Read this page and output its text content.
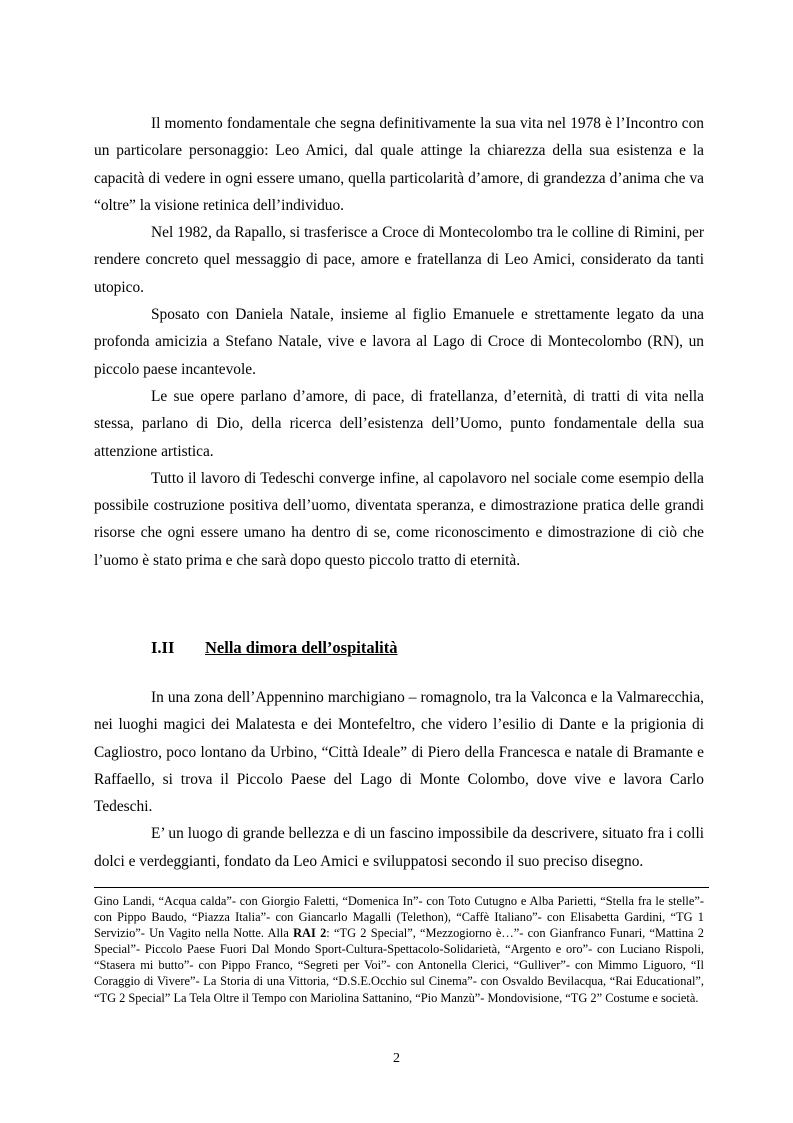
Il momento fondamentale che segna definitivamente la sua vita nel 1978 è l’Incontro con un particolare personaggio: Leo Amici, dal quale attinge la chiarezza della sua esistenza e la capacità di vedere in ogni essere umano, quella particolarità d’amore, di grandezza d’anima che va “oltre” la visione retinica dell’individuo.

Nel 1982, da Rapallo, si trasferisce a Croce di Montecolombo tra le colline di Rimini, per rendere concreto quel messaggio di pace, amore e fratellanza di Leo Amici, considerato da tanti utopico.

Sposato con Daniela Natale, insieme al figlio Emanuele e strettamente legato da una profonda amicizia a Stefano Natale, vive e lavora al Lago di Croce di Montecolombo (RN), un piccolo paese incantevole.

Le sue opere parlano d’amore, di pace, di fratellanza, d’eternità, di tratti di vita nella stessa, parlano di Dio, della ricerca dell’esistenza dell’Uomo, punto fondamentale della sua attenzione artistica.

Tutto il lavoro di Tedeschi converge infine, al capolavoro nel sociale come esempio della possibile costruzione positiva dell’uomo, diventata speranza, e dimostrazione pratica delle grandi risorse che ogni essere umano ha dentro di se, come riconoscimento e dimostrazione di ciò che l’uomo è stato prima e che sarà dopo questo piccolo tratto di eternità.

I.II Nella dimora dell’ospitalità

In una zona dell’Appennino marchigiano – romagnolo, tra la Valconca e la Valmarecchia, nei luoghi magici dei Malatesta e dei Montefeltro, che videro l’esilio di Dante e la prigionia di Cagliostro, poco lontano da Urbino, “Città Ideale” di Piero della Francesca e natale di Bramante e Raffaello, si trova il Piccolo Paese del Lago di Monte Colombo, dove vive e lavora Carlo Tedeschi.

E’ un luogo di grande bellezza e di un fascino impossibile da descrivere, situato fra i colli dolci e verdeggianti, fondato da Leo Amici e sviluppatosi secondo il suo preciso disegno.

Gino Landi, “Acqua calda”- con Giorgio Faletti, “Domenica In”- con Toto Cutugno e Alba Parietti, “Stella fra le stelle”- con Pippo Baudo, “Piazza Italia”- con Giancarlo Magalli (Telethon), “Caffè Italiano”- con Elisabetta Gardini, “TG 1 Servizio”- Un Vagito nella Notte. Alla RAI 2: “TG 2 Special”, “Mezzogiorno è…”- con Gianfranco Funari, “Mattina 2 Special”- Piccolo Paese Fuori Dal Mondo Sport-Cultura-Spettacolo-Solidarietà, “Argento e oro”- con Luciano Rispoli, “Stasera mi butto”- con Pippo Franco, “Segreti per Voi”- con Antonella Clerici, “Gulliver”- con Mimmo Liguoro, “Il Coraggio di Vivere”- La Storia di una Vittoria, “D.S.E.Occhio sul Cinema”- con Osvaldo Bevilacqua, “Rai Educational”, “TG 2 Special” La Tela Oltre il Tempo con Mariolina Sattanino, “Pio Manzù”- Mondovisione, “TG 2” Costume e società.

2
